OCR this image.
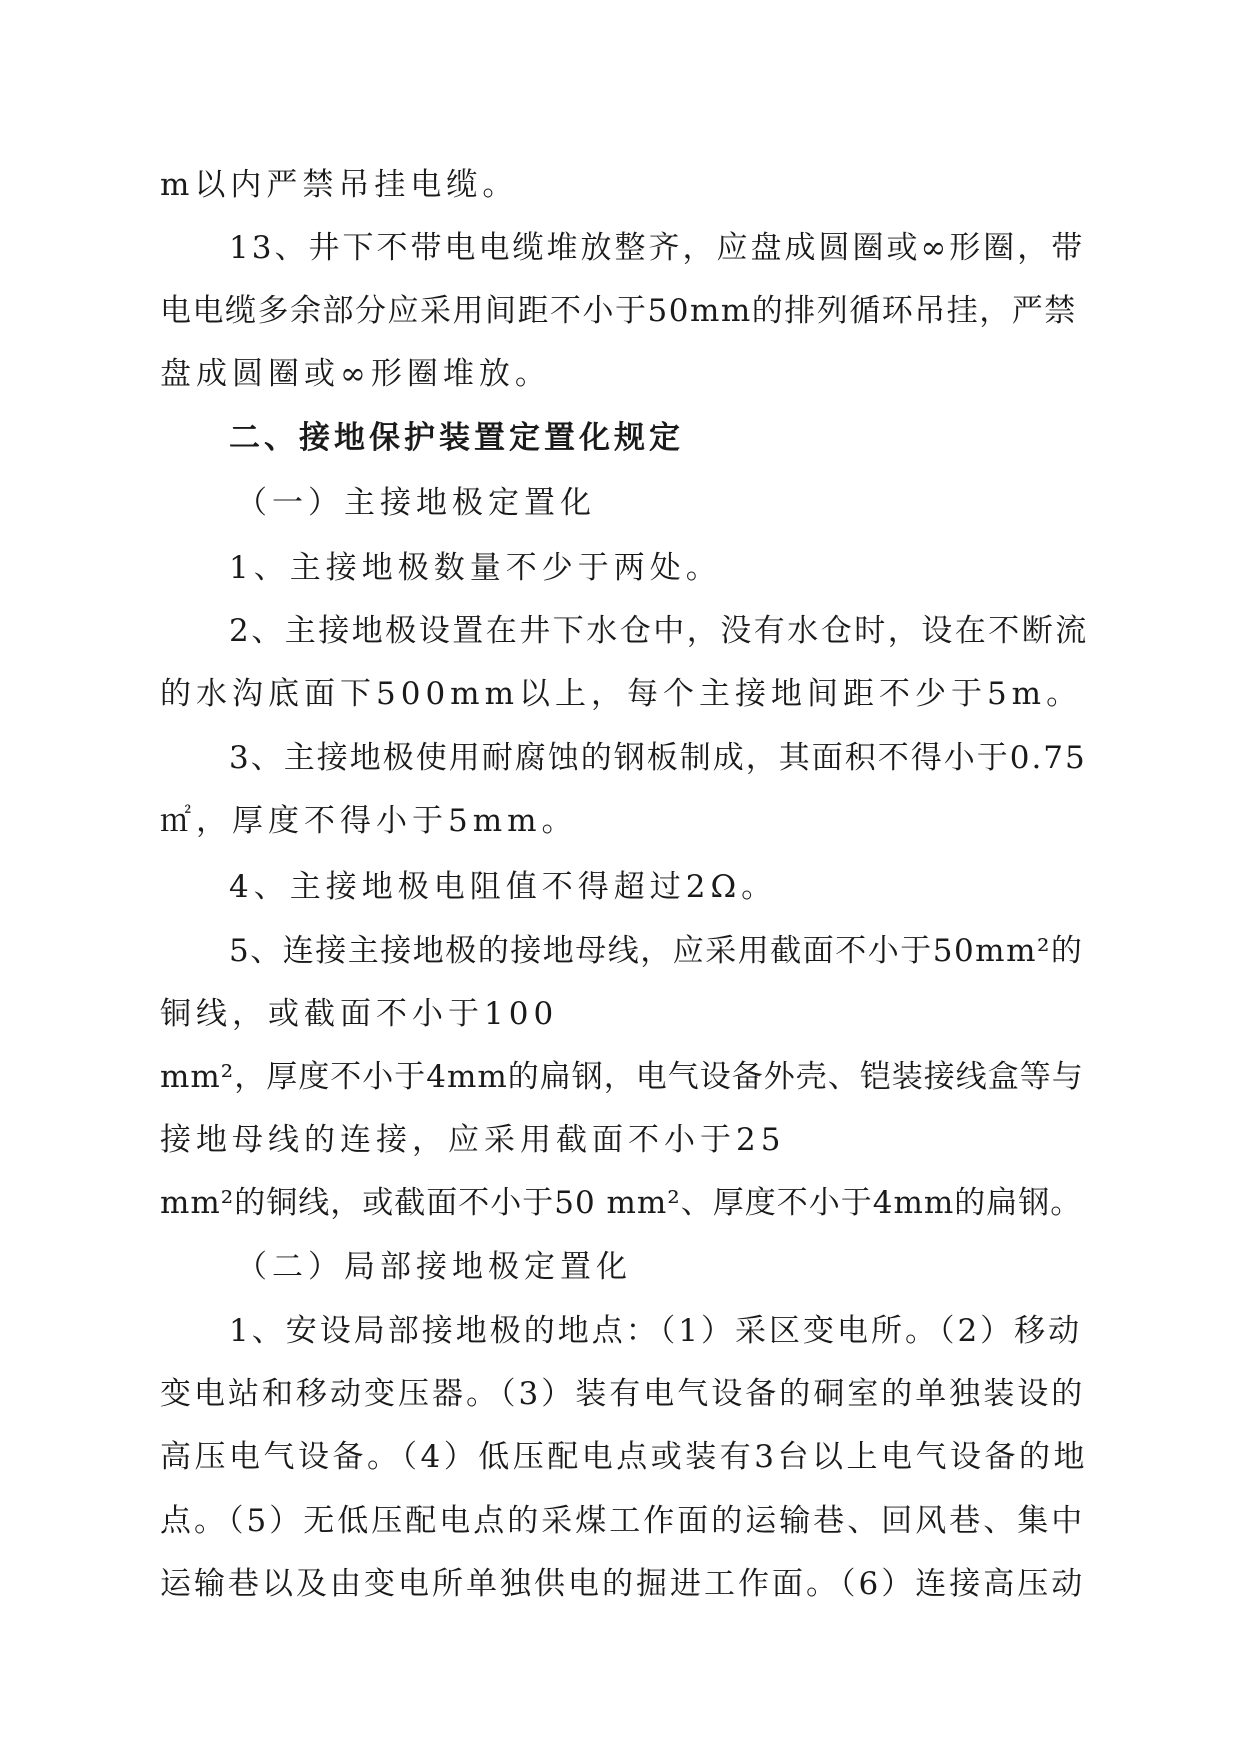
m以内严禁吊挂电缆。
13、井下不带电电缆堆放整齐，应盘成圆圈或∞形圈，带
电电缆多余部分应采用间距不小于50mm的排列循环吊挂，严禁
盘成圆圈或∞形圈堆放。
二、接地保护装置定置化规定
（一）主接地极定置化
1、主接地极数量不少于两处。
2、主接地极设置在井下水仓中，没有水仓时，设在不断流
的水沟底面下500mm以上，每个主接地间距不少于5m。
3、主接地极使用耐腐蚀的钢板制成，其面积不得小于0.75
㎡，厚度不得小于5mm。
4、主接地极电阻值不得超过2Ω。
5、连接主接地极的接地母线，应采用截面不小于50mm²的
铜线，或截面不小于100
mm²，厚度不小于4mm的扁钢，电气设备外壳、铠装接线盒等与
接地母线的连接，应采用截面不小于25
mm²的铜线，或截面不小于50 mm²、厚度不小于4mm的扁钢。
（二）局部接地极定置化
1、安设局部接地极的地点：（1）采区变电所。（2）移动
变电站和移动变压器。（3）装有电气设备的硐室的单独装设的
高压电气设备。（4）低压配电点或装有3台以上电气设备的地
点。（5）无低压配电点的采煤工作面的运输巷、回风巷、集中
运输巷以及由变电所单独供电的掘进工作面。（6）连接高压动
